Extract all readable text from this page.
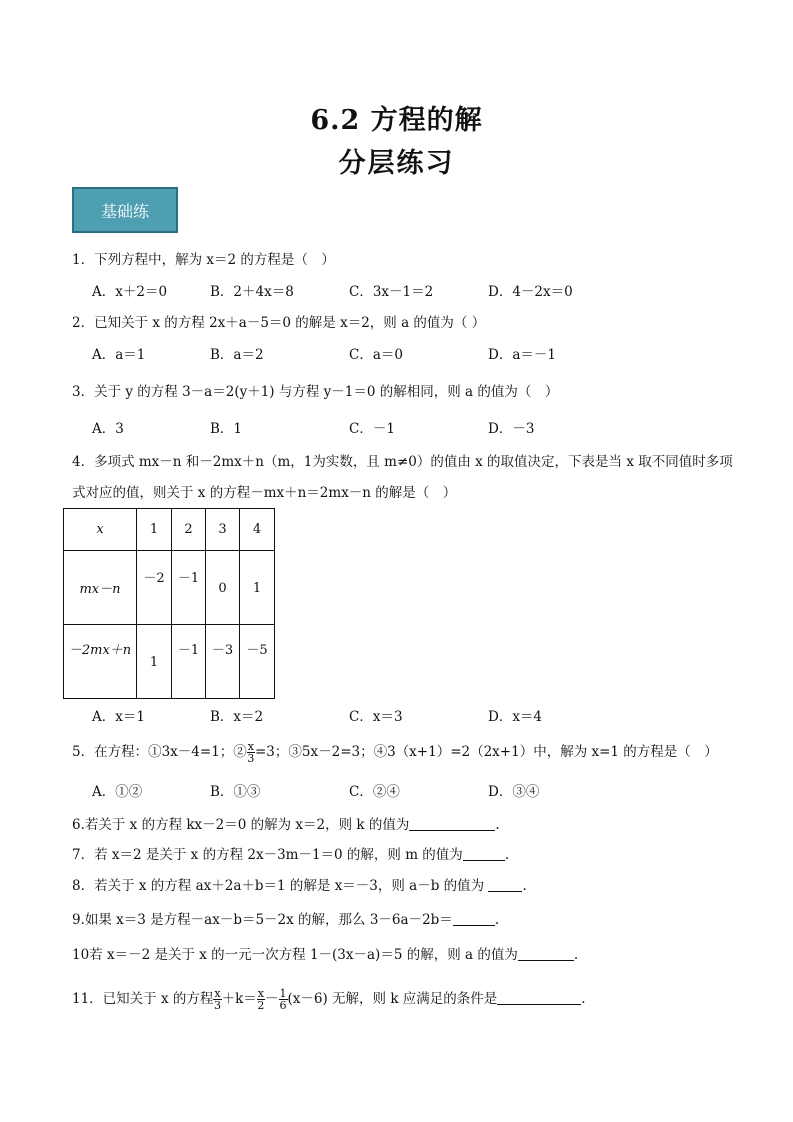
6.2 方程的解
分层练习
基础练
1．下列方程中，解为 x＝2 的方程是（　）
A．x＋2＝0	B．2＋4x＝8	C．3x－1＝2	D．4－2x＝0
2．已知关于 x 的方程 2x＋a－5＝0 的解是 x＝2，则 a 的值为（ ）
A．a＝1	B．a＝2	C．a＝0	D．a＝－1
3．关于 y 的方程 3－a＝2(y＋1) 与方程 y－1＝0 的解相同，则 a 的值为（　）
A．3	B．1	C．－1	D．－3
4．多项式 mx－n 和－2mx＋n（m，1为实数，且 m≠0）的值由 x 的取值决定，下表是当 x 取不同值时多项
式对应的值，则关于 x 的方程－mx＋n＝2mx－n 的解是（　）
x	1	2	3	4
mx－n	－2	－1	0	1
－2mx＋n	1	－1	－3	－5
A．x＝1	B．x＝2	C．x＝3	D．x＝4
5．在方程：①3x－4=1；② $\frac{x}{3} =3$；③5x－2=3；④3（x+1）=2（2x+1）中，解为 x=1 的方程是（　）
A．①②	B．①③	C．②④	D．③④
6.若关于 x 的方程 kx－2＝0 的解为 x＝2，则 k 的值为	.
7．若 x＝2 是关于 x 的方程 2x－3m－1＝0 的解，则 m 的值为	.
8．若关于 x 的方程 ax＋2a＋b＝1 的解是 x＝－3，则 a－b 的值为	.
9.如果 x＝3 是方程－ax－b＝5－2x 的解，那么 3－6a－2b＝	.
10若 x＝－2 是关于 x 的一元一次方程 1－(3x－a)＝5 的解，则 a 的值为	.
11．已知关于 x 的方程 $\frac{x}{3} +k= \frac{x}{2} - \frac{1}{6} (x-6)$ 无解，则 k 应满足的条件是	.
